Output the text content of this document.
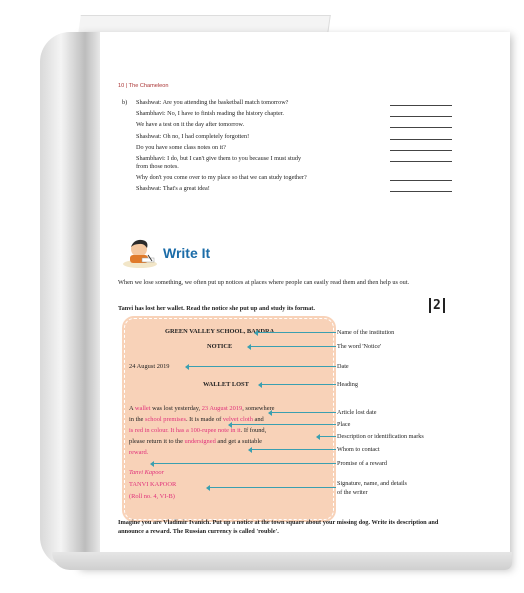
10 | The Chameleon
b)	Shashwat: Are you attending the basketball match tomorrow?
Shambhavi: No, I have to finish reading the history chapter.
We have a test on it the day after tomorrow.
Shashwat: Oh no, I had completely forgotten!
Do you have some class notes on it?
Shambhavi: I do, but I can't give them to you because I must study
from those notes.
Why don't you come over to my place so that we can study together?
Shashwat: That's a great idea!
Write It
When we lose something, we often put up notices at places where people can easily read them and then help us out.
Tanvi has lost her wallet. Read the notice she put up and study its format.	2
GREEN VALLEY SCHOOL, BANDRA
NOTICE
24 August 2019
WALLET LOST
A wallet was lost yesterday, 23 August 2019, somewhere
in the school premises. It is made of velvet cloth and
is red in colour. It has a 100-rupee note in it. If found,
please return it to the undersigned and get a suitable
reward.
Tanvi Kapoor
TANVI KAPOOR
(Roll no. 4, VI-B)
Name of the institution
The word 'Notice'
Date
Heading
Article lost date
Place
Description or identification marks
Whom to contact
Promise of a reward
Signature, name, and details
of the writer
Imagine you are Vladimir Ivanich. Put up a notice at the town square about your missing dog. Write its description and announce a reward. The Russian currency is called 'rouble'.
